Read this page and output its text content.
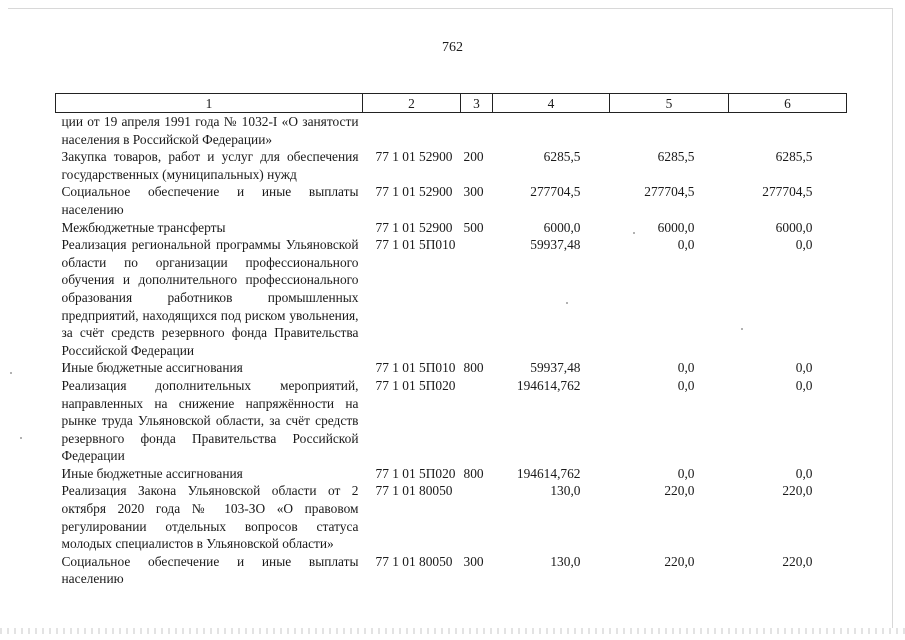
762
1	2	3	4	5	6
ции от 19 апреля 1991 года № 1032-I «О занятости населения в Российской Федерации»					
Закупка товаров, работ и услуг для обеспечения государственных (муниципальных) нужд	77 1 01 52900	200	6285,5	6285,5	6285,5
Социальное обеспечение и иные выплаты населению	77 1 01 52900	300	277704,5	277704,5	277704,5
Межбюджетные трансферты	77 1 01 52900	500	6000,0	6000,0	6000,0
Реализация региональной программы Ульяновской области по организации профессионального обучения и дополнительного профессионального образования работников промышленных предприятий, находящихся под риском увольнения, за счёт средств резервного фонда Правительства Российской Федерации	77 1 01 5П010		59937,48	0,0	0,0
Иные бюджетные ассигнования	77 1 01 5П010	800	59937,48	0,0	0,0
Реализация дополнительных мероприятий, направленных на снижение напряжённости на рынке труда Ульяновской области, за счёт средств резервного фонда Правительства Российской Федерации	77 1 01 5П020		194614,762	0,0	0,0
Иные бюджетные ассигнования	77 1 01 5П020	800	194614,762	0,0	0,0
Реализация Закона Ульяновской области от 2 октября 2020 года № 103-ЗО «О правовом регулировании отдельных вопросов статуса молодых специалистов в Ульяновской области»	77 1 01 80050		130,0	220,0	220,0
Социальное обеспечение и иные выплаты населению	77 1 01 80050	300	130,0	220,0	220,0
